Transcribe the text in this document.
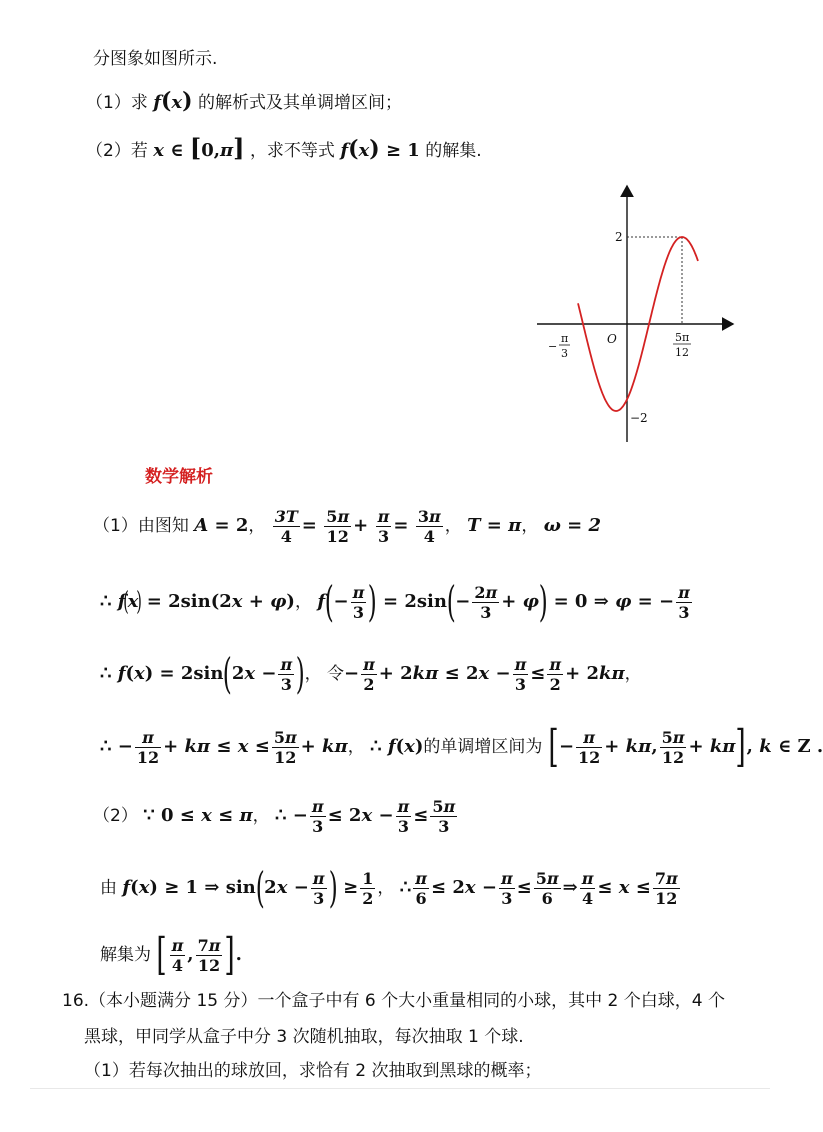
分图象如图所示.
（1）求 f(x) 的解析式及其单调增区间；
（2）若 x ∈ [0,π] ，求不等式 f(x) ≥ 1 的解集.
2
−2
O
−
π
3
5π
12
数学解析
（1）由图知 A = 2， $\frac{3T}{4} = \frac{5\pi}{12} + \frac{\pi}{3} = \frac{3\pi}{4}$ ， T = π， ω = 2
∴ f(x) = 2sin(2x + φ)， $f(- \frac{\pi}{3}$ ) = $2\sin(- \frac{2\pi}{3} + \varphi) = 0$ ⇒ φ = − $\frac{\pi}{3}$
∴ $f(x) = 2\sin(2x - \frac{\pi}{3}$ )， 令− $\frac{\pi}{2} + 2k\pi \le 2x - \frac{\pi}{3} \le \frac{\pi}{2} + 2k\pi$，
∴ − $\frac{\pi}{12} + k\pi \le x \le \frac{5\pi}{12} + k\pi$， ∴ f(x)的单调增区间为 [− $\frac{\pi}{12} + k\pi$, $\frac{5\pi}{12} + k\pi$], k ∈ Z .
（2） ∵ 0 ≤ x ≤ π， ∴ − $\frac{\pi}{3} \le 2x - \frac{\pi}{3} \le \frac{5\pi}{3}$
由 f(x) ≥ 1 ⇒ $\sin(2x - \frac{\pi}{3}$ ) ≥ $\frac{1}{2}$ ， ∴ $\frac{\pi}{6} \le 2x - \frac{\pi}{3} \le \frac{5\pi}{6}$ ⇒ $\frac{\pi}{4} \le x \le \frac{7\pi}{12}$
解集为 [ $\frac{\pi}{4}$ , $\frac{7\pi}{12}$ ].
16.（本小题满分 15 分）一个盒子中有 6 个大小重量相同的小球，其中 2 个白球，4 个
黑球，甲同学从盒子中分 3 次随机抽取，每次抽取 1 个球.
（1）若每次抽出的球放回，求恰有 2 次抽取到黑球的概率；
